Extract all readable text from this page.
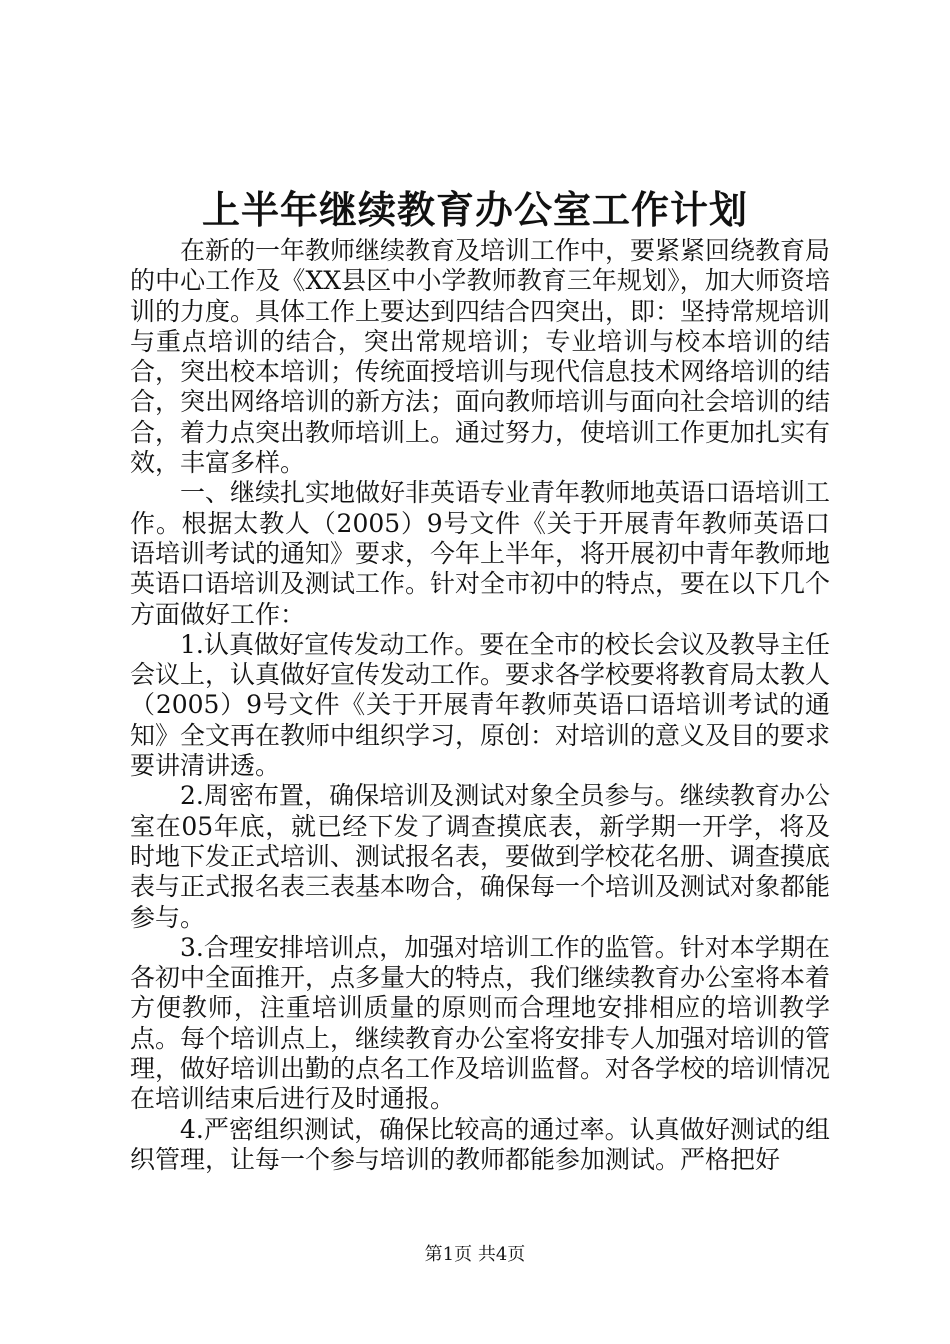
上半年继续教育办公室工作计划

在新的一年教师继续教育及培训工作中，要紧紧回绕教育局的中心工作及《XX县区中小学教师教育三年规划》，加大师资培训的力度。具体工作上要达到四结合四突出，即：坚持常规培训与重点培训的结合，突出常规培训；专业培训与校本培训的结合，突出校本培训；传统面授培训与现代信息技术网络培训的结合，突出网络培训的新方法；面向教师培训与面向社会培训的结合，着力点突出教师培训上。通过努力，使培训工作更加扎实有效，丰富多样。

一、继续扎实地做好非英语专业青年教师地英语口语培训工作。根据太教人（2005）9号文件《关于开展青年教师英语口语培训考试的通知》要求，今年上半年，将开展初中青年教师地英语口语培训及测试工作。针对全市初中的特点，要在以下几个方面做好工作：

1.认真做好宣传发动工作。要在全市的校长会议及教导主任会议上，认真做好宣传发动工作。要求各学校要将教育局太教人（2005）9号文件《关于开展青年教师英语口语培训考试的通知》全文再在教师中组织学习，原创：对培训的意义及目的要求要讲清讲透。

2.周密布置，确保培训及测试对象全员参与。继续教育办公室在05年底，就已经下发了调查摸底表，新学期一开学，将及时地下发正式培训、测试报名表，要做到学校花名册、调查摸底表与正式报名表三表基本吻合，确保每一个培训及测试对象都能参与。

3.合理安排培训点，加强对培训工作的监管。针对本学期在各初中全面推开，点多量大的特点，我们继续教育办公室将本着方便教师，注重培训质量的原则而合理地安排相应的培训教学点。每个培训点上，继续教育办公室将安排专人加强对培训的管理，做好培训出勤的点名工作及培训监督。对各学校的培训情况在培训结束后进行及时通报。

4.严密组织测试，确保比较高的通过率。认真做好测试的组织管理，让每一个参与培训的教师都能参加测试。严格把好

第1页 共4页
